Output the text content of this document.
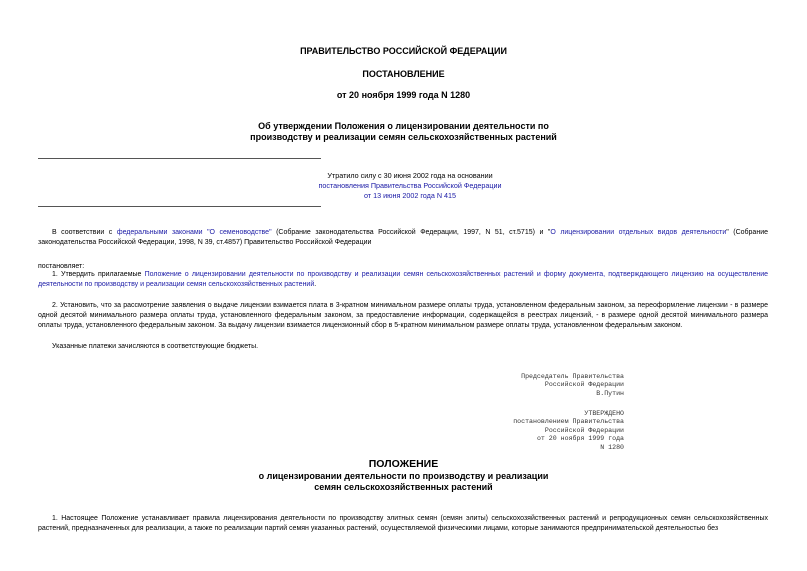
ПРАВИТЕЛЬСТВО РОССИЙСКОЙ ФЕДЕРАЦИИ
ПОСТАНОВЛЕНИЕ
от 20 ноября 1999 года N 1280
Об утверждении Положения о лицензировании деятельности по
производству и реализации семян сельскохозяйственных растений
Утратило силу с 30 июня 2002 года на основании
постановления Правительства Российской Федерации
от 13 июня 2002 года N 415
В соответствии с федеральными законами "О семеноводстве" (Собрание законодательства Российской Федерации, 1997, N 51, ст.5715) и "О лицензировании отдельных видов деятельности" (Собрание законодательства Российской Федерации, 1998, N 39, ст.4857) Правительство Российской Федерации
постановляет:
1. Утвердить прилагаемые Положение о лицензировании деятельности по производству и реализации семян сельскохозяйственных растений и форму документа, подтверждающего лицензию на осуществление деятельности по производству и реализации семян сельскохозяйственных растений.
2. Установить, что за рассмотрение заявления о выдаче лицензии взимается плата в 3-кратном минимальном размере оплаты труда, установленном федеральным законом, за переоформление лицензии - в размере одной десятой минимального размера оплаты труда, установленного федеральным законом, за предоставление информации, содержащейся в реестрах лицензий, - в размере одной десятой минимального размера оплаты труда, установленного федеральным законом. За выдачу лицензии взимается лицензионный сбор в 5-кратном минимальном размере оплаты труда, установленном федеральным законом.
Указанные платежи зачисляются в соответствующие бюджеты.
Председатель Правительства
Российской Федерации
В.Путин
УТВЕРЖДЕНО
постановлением Правительства
Российской Федерации
от 20 ноября 1999 года
N 1280
ПОЛОЖЕНИЕ
о лицензировании деятельности по производству и реализации
семян сельскохозяйственных растений
1. Настоящее Положение устанавливает правила лицензирования деятельности по производству элитных семян (семян элиты) сельскохозяйственных растений и репродукционных семян сельскохозяйственных растений, предназначенных для реализации, а также по реализации партий семян указанных растений, осуществляемой физическими лицами, которые занимаются предпринимательской деятельностью без
